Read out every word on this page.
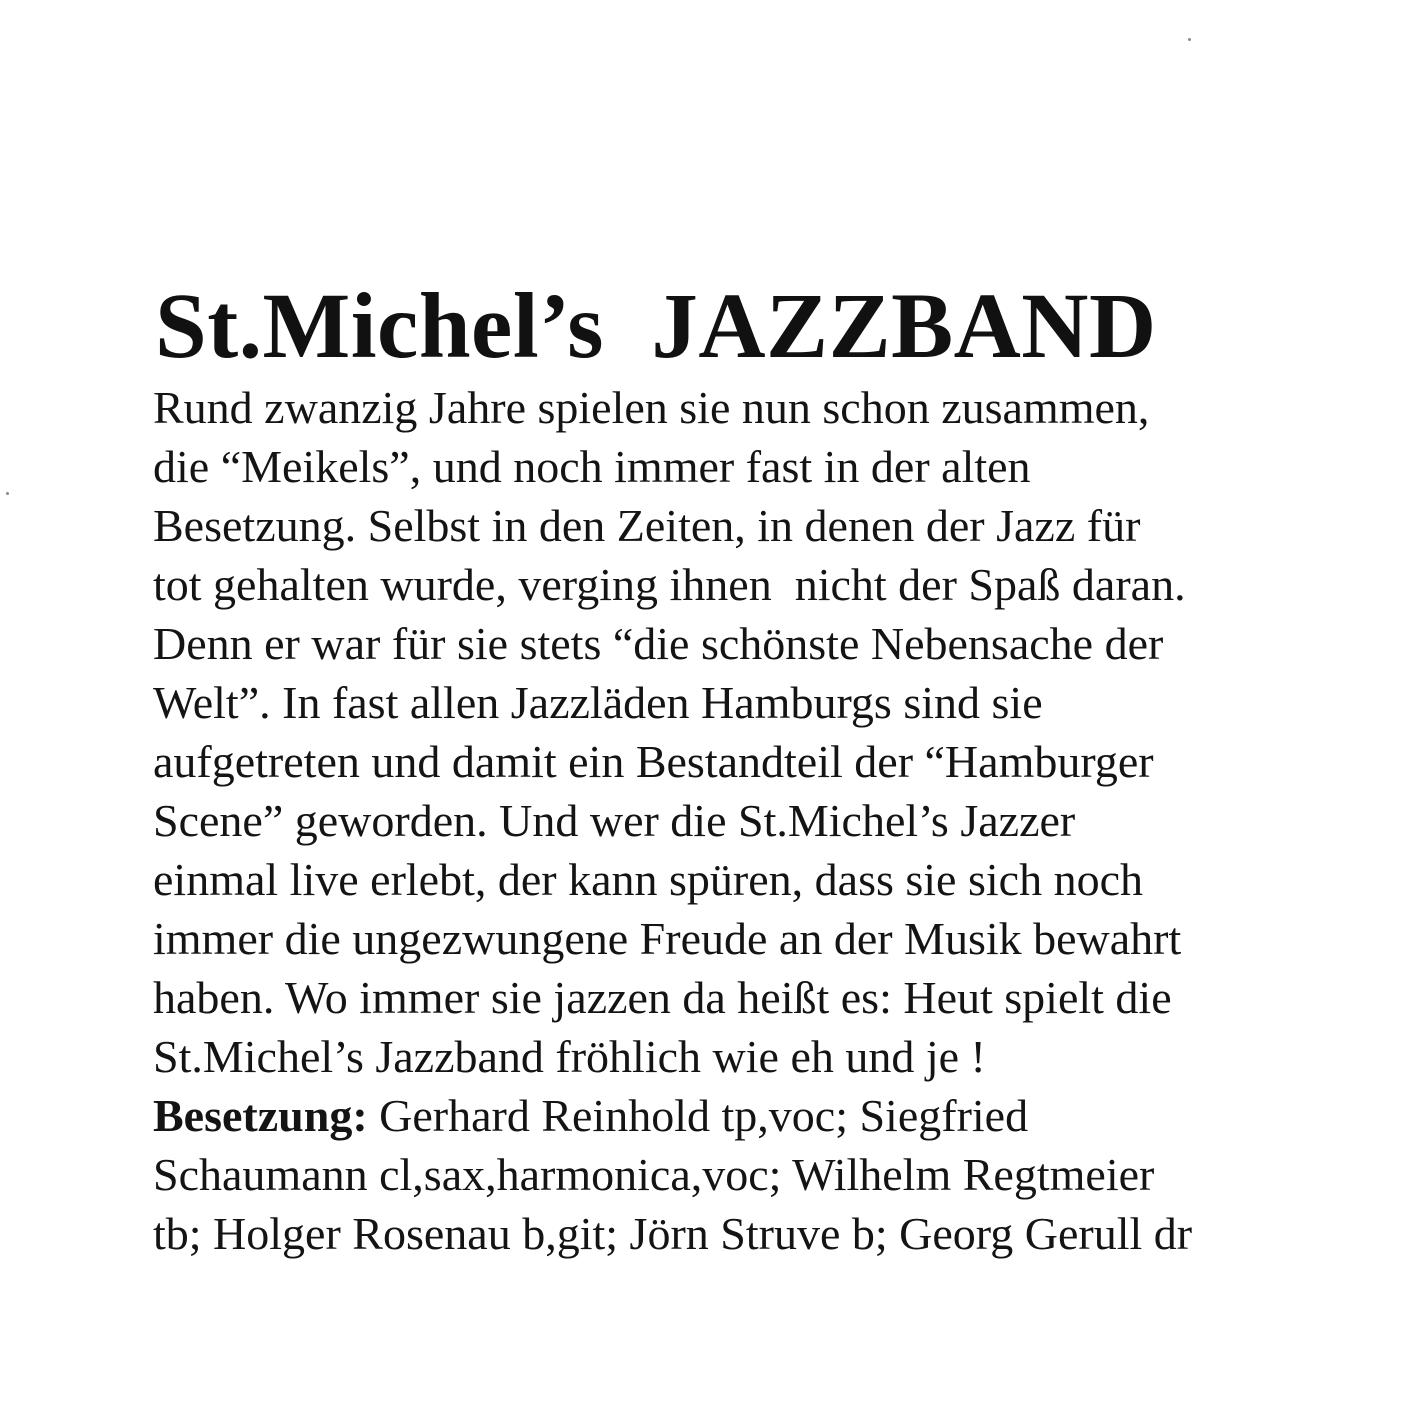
St.Michel’s  JAZZBAND
Rund zwanzig Jahre spielen sie nun schon zusammen,
die “Meikels”, und noch immer fast in der alten
Besetzung. Selbst in den Zeiten, in denen der Jazz für
tot gehalten wurde, verging ihnen  nicht der Spaß daran.
Denn er war für sie stets “die schönste Nebensache der
Welt”. In fast allen Jazzläden Hamburgs sind sie
aufgetreten und damit ein Bestandteil der “Hamburger
Scene” geworden. Und wer die St.Michel’s Jazzer
einmal live erlebt, der kann spüren, dass sie sich noch
immer die ungezwungene Freude an der Musik bewahrt
haben. Wo immer sie jazzen da heißt es: Heut spielt die
St.Michel’s Jazzband fröhlich wie eh und je !
Besetzung: Gerhard Reinhold tp,voc; Siegfried
Schaumann cl,sax,harmonica,voc; Wilhelm Regtmeier
tb; Holger Rosenau b,git; Jörn Struve b; Georg Gerull dr
